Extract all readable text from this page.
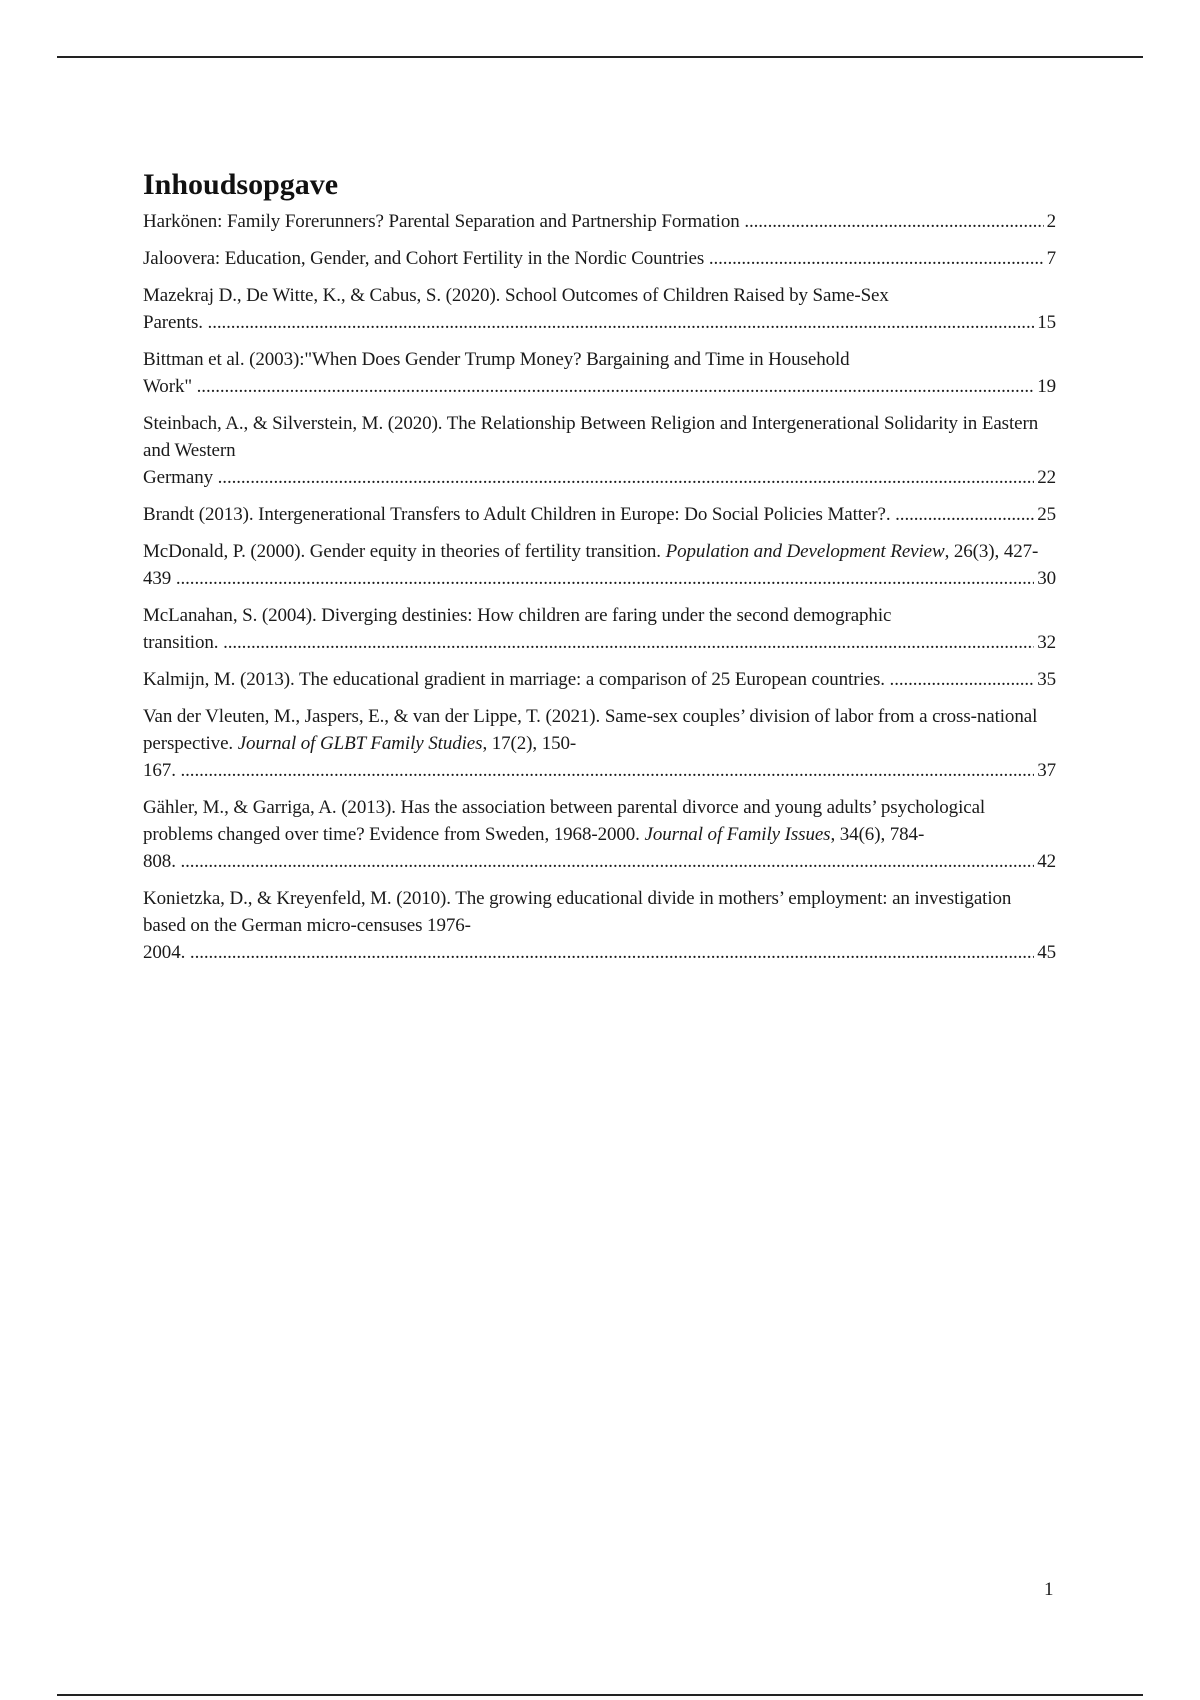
Inhoudsopgave
Harkönen: Family Forerunners? Parental Separation and Partnership Formation .....	2
Jaloovera: Education, Gender, and Cohort Fertility in the Nordic Countries .....	7
Mazekraj D., De Witte, K., & Cabus, S. (2020). School Outcomes of Children Raised by Same-Sex Parents. .....	15
Bittman et al. (2003):"When Does Gender Trump Money? Bargaining and Time in Household Work" .....	19
Steinbach, A., & Silverstein, M. (2020). The Relationship Between Religion and Intergenerational Solidarity in Eastern and Western Germany .....	22
Brandt (2013). Intergenerational Transfers to Adult Children in Europe: Do Social Policies Matter?. .....	25
McDonald, P. (2000). Gender equity in theories of fertility transition. Population and Development Review, 26(3), 427-439 .....	30
McLanahan, S. (2004). Diverging destinies: How children are faring under the second demographic transition. .....	32
Kalmijn, M. (2013). The educational gradient in marriage: a comparison of 25 European countries. .....	35
Van der Vleuten, M., Jaspers, E., & van der Lippe, T. (2021). Same-sex couples’ division of labor from a cross-national perspective. Journal of GLBT Family Studies, 17(2), 150-167. .....	37
Gähler, M., & Garriga, A. (2013). Has the association between parental divorce and young adults’ psychological problems changed over time? Evidence from Sweden, 1968-2000. Journal of Family Issues, 34(6), 784-808. .....	42
Konietzka, D., & Kreyenfeld, M. (2010). The growing educational divide in mothers’ employment: an investigation based on the German micro-censuses 1976-2004. .....	45
1
